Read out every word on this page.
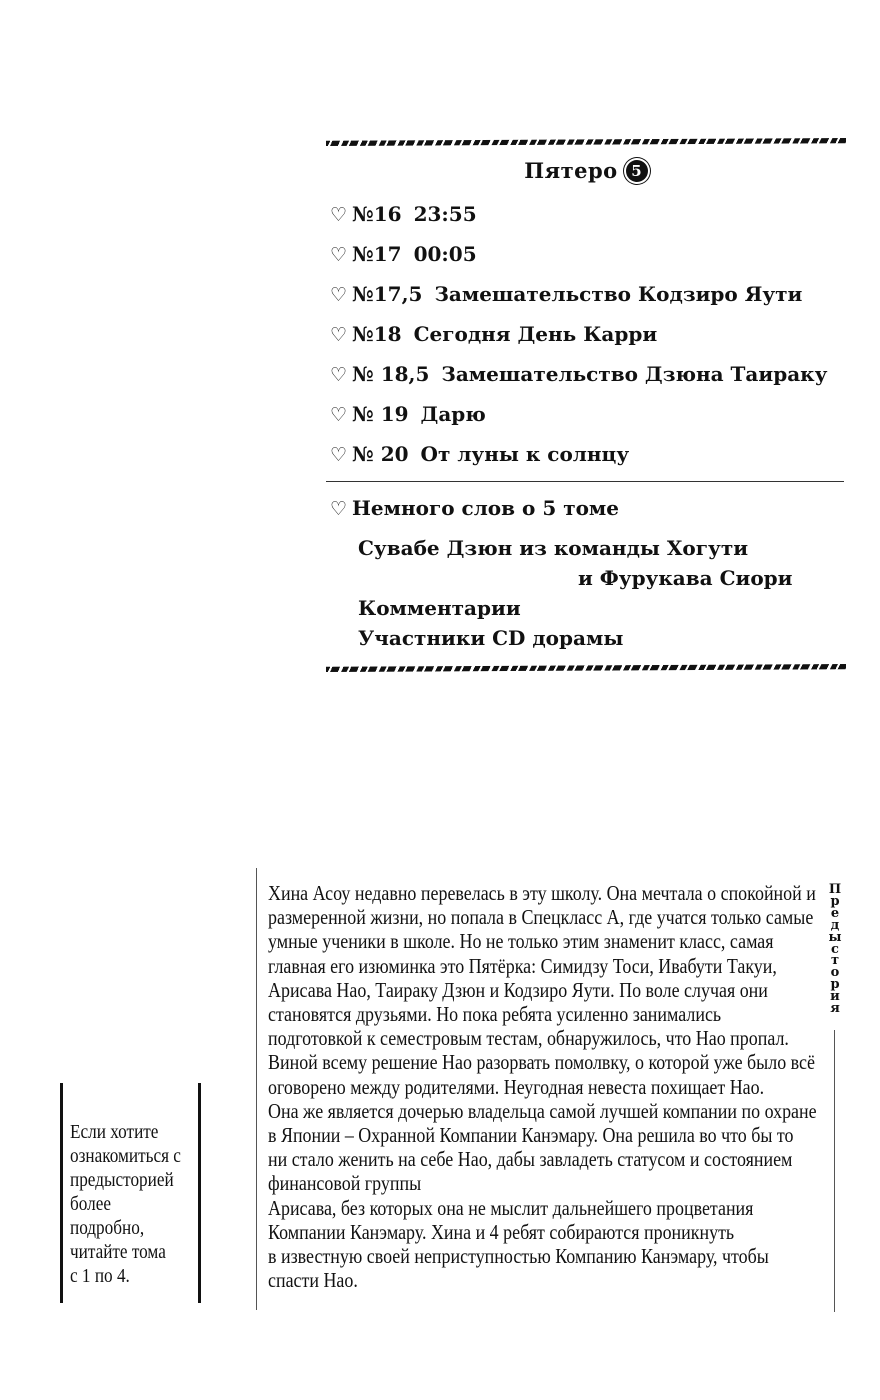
Пятеро 5
♡ №16 23:55
♡ №17 00:05
♡ №17,5 Замешательство Кодзиро Яути
♡ №18 Сегодня День Карри
♡ № 18,5 Замешательство Дзюна Таираку
♡ № 19 Дарю
♡ № 20 От луны к солнцу
♡ Немного слов о 5 томе
Сувабе Дзюн из команды Хогути
и Фурукава Сиори
Комментарии
Участники CD дорамы
Если хотите
ознакомиться с
предысторией
более подробно,
читайте тома
с 1 по 4.
Хина Асоу недавно перевелась в эту школу. Она мечтала о спокойной и
размеренной жизни, но попала в Спецкласс А, где учатся только самые
умные ученики в школе. Но не только этим знаменит класс, самая
главная его изюминка это Пятёрка: Симидзу Тоси, Ивабути Такуи,
Арисава Нао, Таираку Дзюн и Кодзиро Яути. По воле случая они
становятся друзьями. Но пока ребята усиленно занимались
подготовкой к семестровым тестам, обнаружилось, что Нао пропал.
Виной всему решение Нао разорвать помолвку, о которой уже было всё
оговорено между родителями. Неугодная невеста похищает Нао.
Она же является дочерью владельца самой лучшей компании по охране
в Японии – Охранной Компании Канэмару. Она решила во что бы то
ни стало женить на себе Нао, дабы завладеть статусом и состоянием
финансовой группы
Арисава, без которых она не мыслит дальнейшего процветания
Компании Канэмару. Хина и 4 ребят собираются проникнуть
в известную своей неприступностью Компанию Канэмару, чтобы
спасти Нао.
П
р
е
д
ы
с
т
о
р
и
я
